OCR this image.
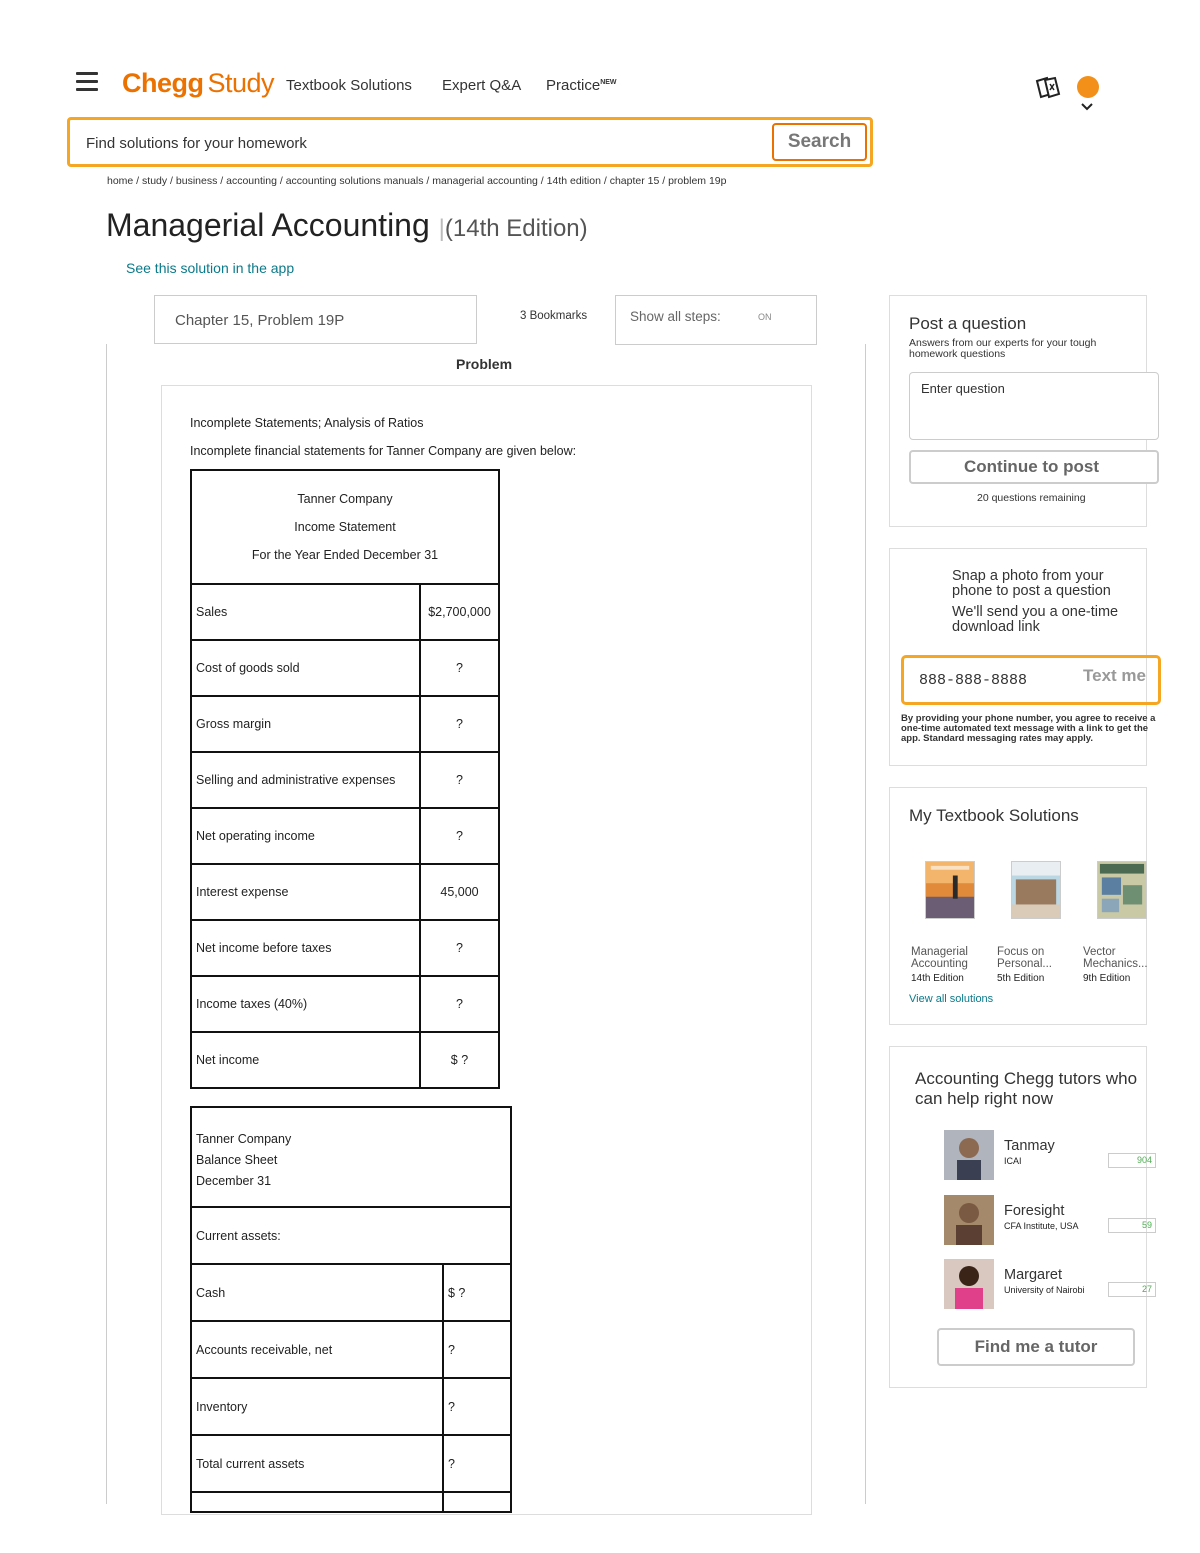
Chegg Study Textbook Solutions Expert Q&A Practice$^{NEW}$

Find solutions for your homework
Search
home / study / business / accounting / accounting solutions manuals / managerial accounting / 14th edition / chapter 15 / problem 19p
Managerial Accounting |(14th Edition)
See this solution in the app
Chapter 15, Problem 19P	3 Bookmarks	Show all steps:	ON
Problem
Incomplete Statements; Analysis of Ratios
Incomplete financial statements for Tanner Company are given below:
Tanner Company
Income Statement
For the Year Ended December 31	

Sales	$2,700,000
Cost of goods sold	?
Gross margin	?
Selling and administrative expenses	?
Net operating income	?
Interest expense	45,000
Net income before taxes	?
Income taxes (40%)	?
Net income	$ ?
Tanner Company
Balance Sheet
December 31	

Current assets:	
Cash	$ ?
Accounts receivable, net	?
Inventory	?
Total current assets	?

Post a question
Answers from our experts for your tough homework questions
Enter question
Continue to post
20 questions remaining
Snap a photo from your phone to post a question
We'll send you a one-time download link
888-888-8888
Text me
By providing your phone number, you agree to receive a one-time automated text message with a link to get the app. Standard messaging rates may apply.
My Textbook Solutions
Managerial Accounting
14th Edition
Focus on Personal...
5th Edition
Vector Mechanics...
9th Edition
View all solutions
Accounting Chegg tutors who can help right now
Tanmay
ICAI	904
Foresight
CFA Institute, USA	59
Margaret
University of Nairobi	27
Find me a tutor
